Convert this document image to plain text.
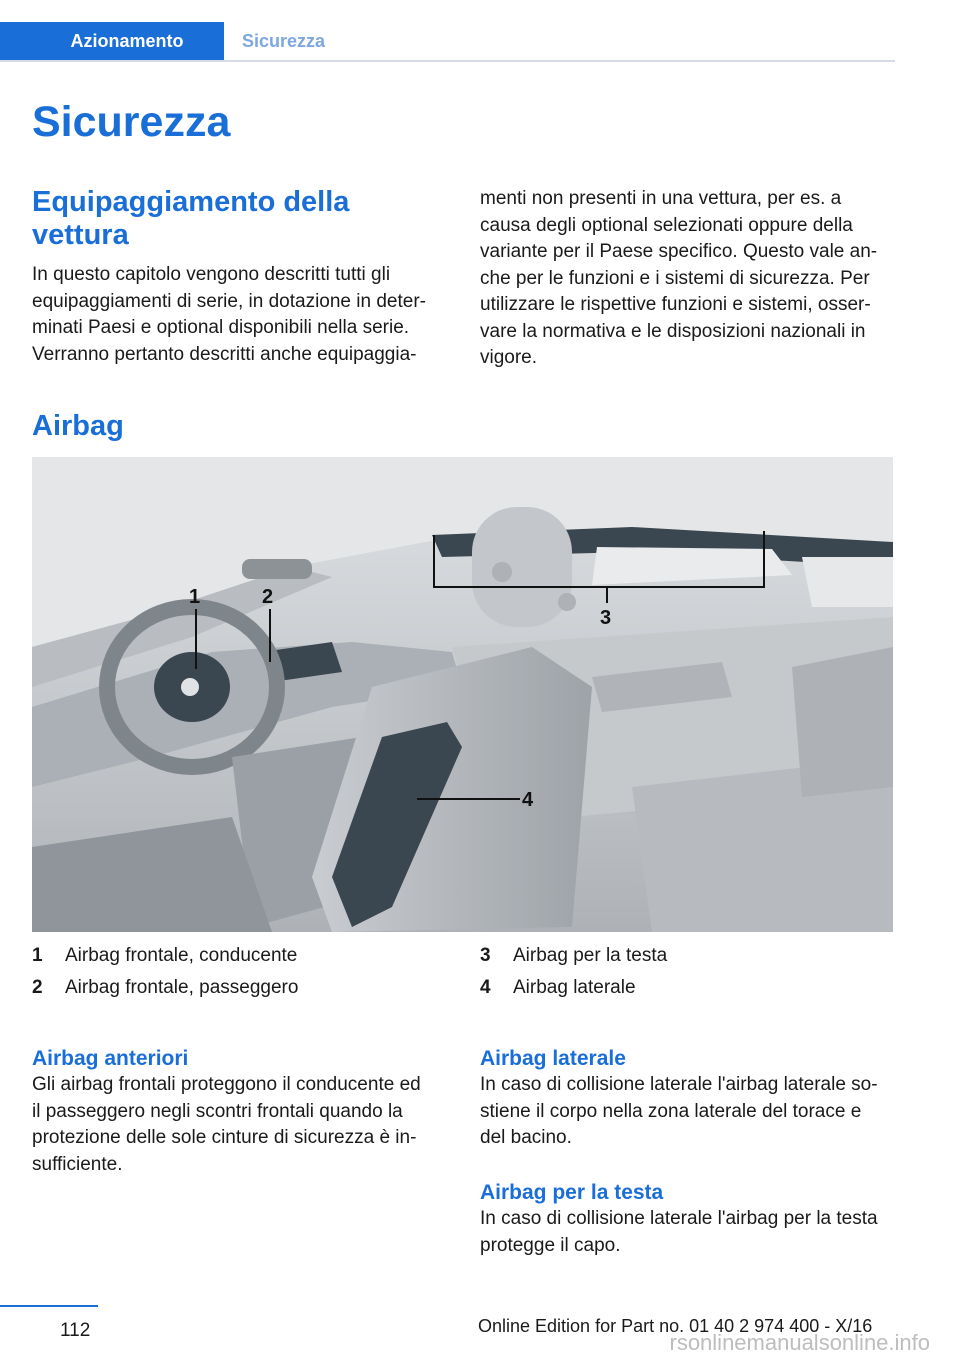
Azionamento	Sicurezza
Sicurezza
Equipaggiamento della
vettura
In questo capitolo vengono descritti tutti gli
equipaggiamenti di serie, in dotazione in deter-
minati Paesi e optional disponibili nella serie.
Verranno pertanto descritti anche equipaggia-
menti non presenti in una vettura, per es. a
causa degli optional selezionati oppure della
variante per il Paese specifico. Questo vale an-
che per le funzioni e i sistemi di sicurezza. Per
utilizzare le rispettive funzioni e sistemi, osser-
vare la normativa e le disposizioni nazionali in
vigore.
Airbag
1	2
3
4
1	Airbag frontale, conducente
2	Airbag frontale, passeggero
3	Airbag per la testa
4	Airbag laterale
Airbag anteriori
Gli airbag frontali proteggono il conducente ed
il passeggero negli scontri frontali quando la
protezione delle sole cinture di sicurezza è in-
sufficiente.
Airbag laterale
In caso di collisione laterale l'airbag laterale so-
stiene il corpo nella zona laterale del torace e
del bacino.
Airbag per la testa
In caso di collisione laterale l'airbag per la testa
protegge il capo.
112	Online Edition for Part no. 01 40 2 974 400 - X/16
rsonlinemanualsonline.info
